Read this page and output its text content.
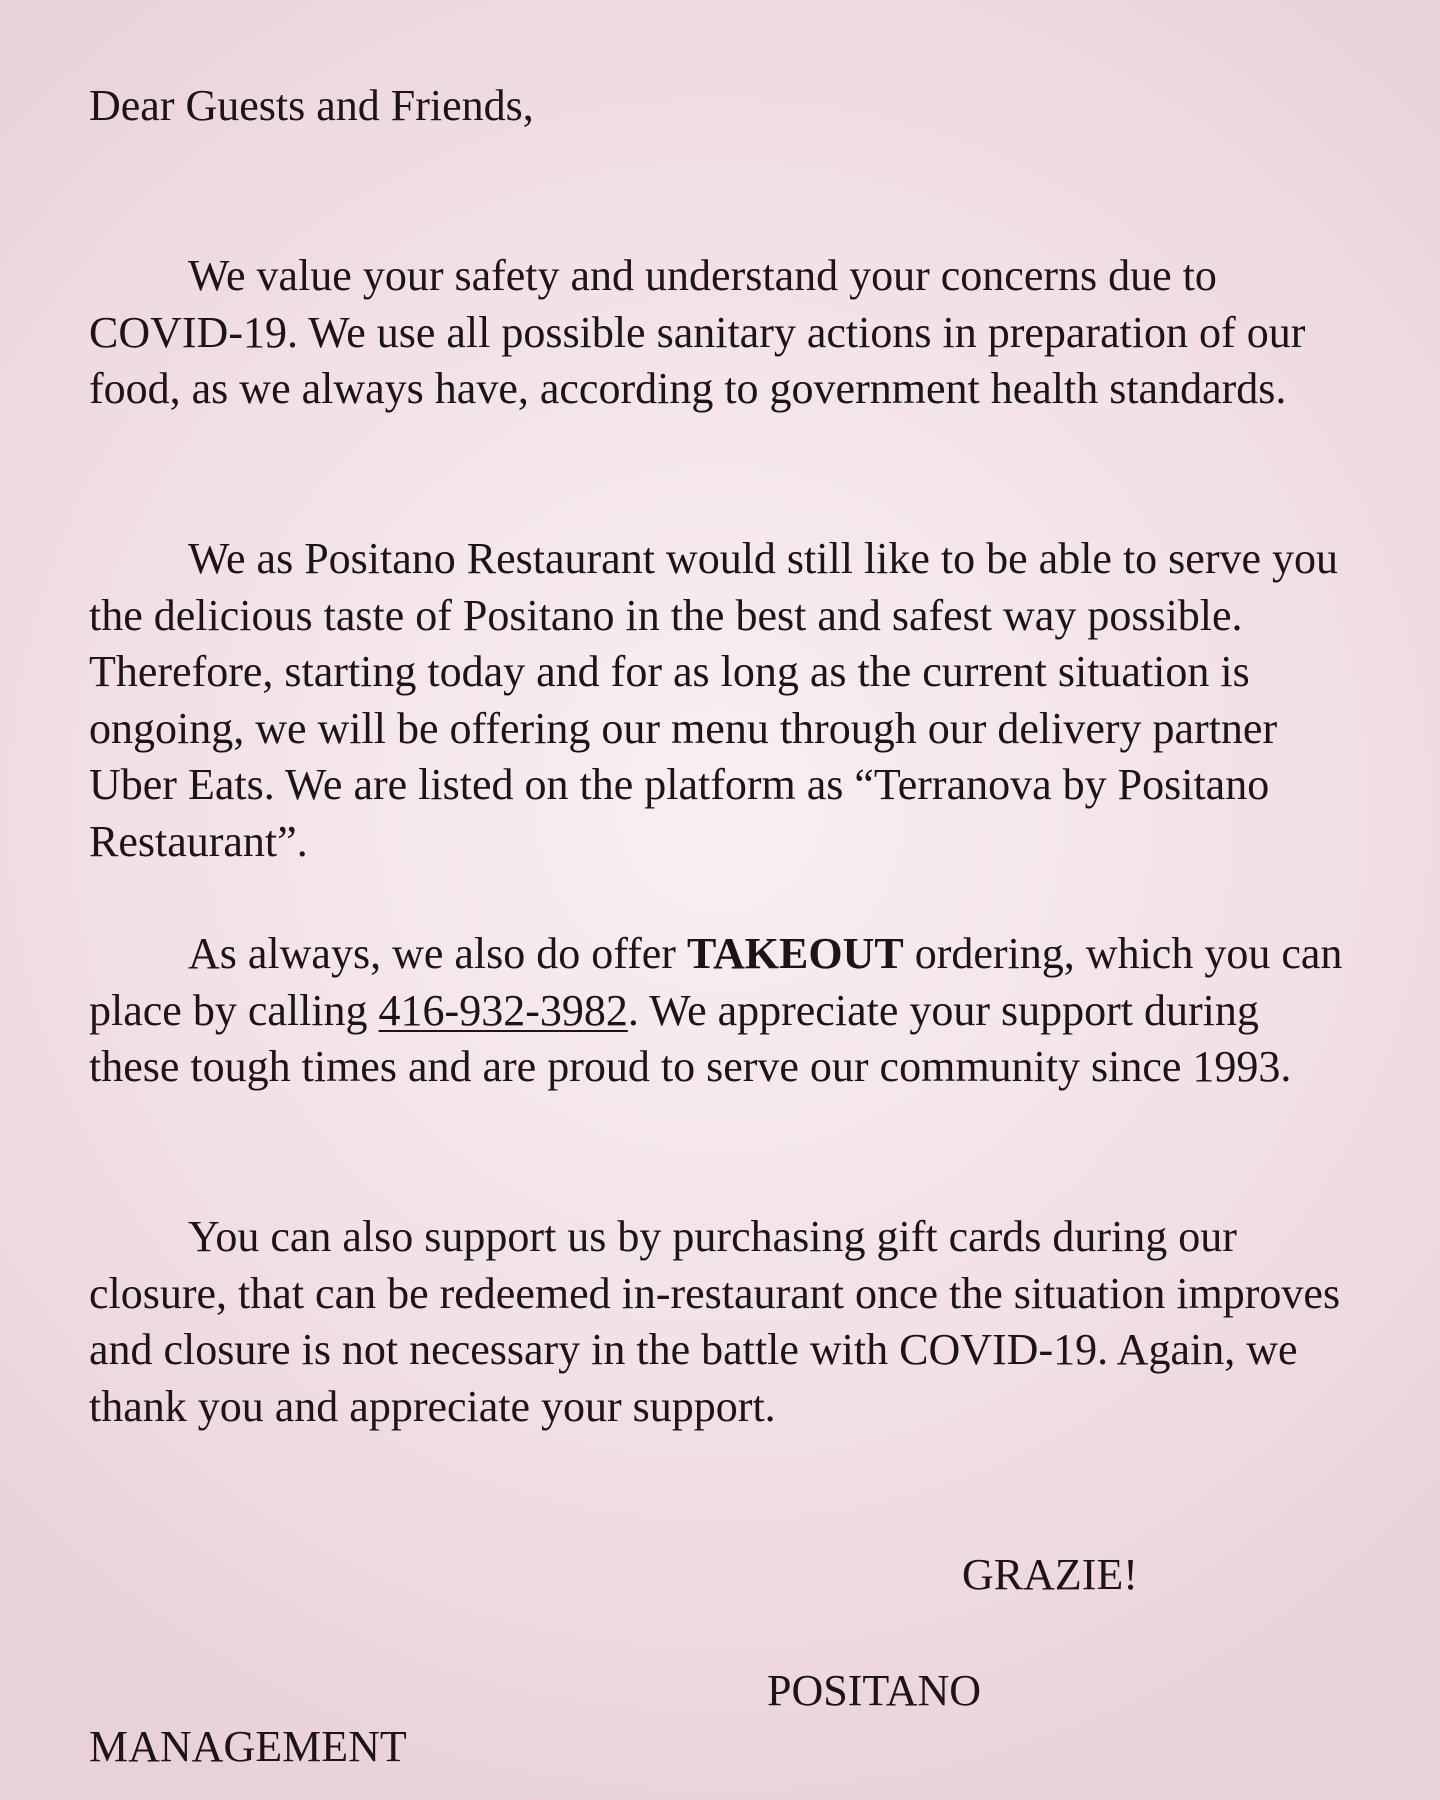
Dear Guests and Friends,

We value your safety and understand your concerns due to COVID-19. We use all possible sanitary actions in preparation of our food, as we always have, according to government health standards.

We as Positano Restaurant would still like to be able to serve you the delicious taste of Positano in the best and safest way possible. Therefore, starting today and for as long as the current situation is ongoing, we will be offering our menu through our delivery partner Uber Eats. We are listed on the platform as “Terranova by Positano Restaurant”.

As always, we also do offer TAKEOUT ordering, which you can place by calling 416-932-3982. We appreciate your support during these tough times and are proud to serve our community since 1993.

You can also support us by purchasing gift cards during our closure, that can be redeemed in-restaurant once the situation improves and closure is not necessary in the battle with COVID-19. Again, we thank you and appreciate your support.

GRAZIE!

POSITANO

MANAGEMENT
